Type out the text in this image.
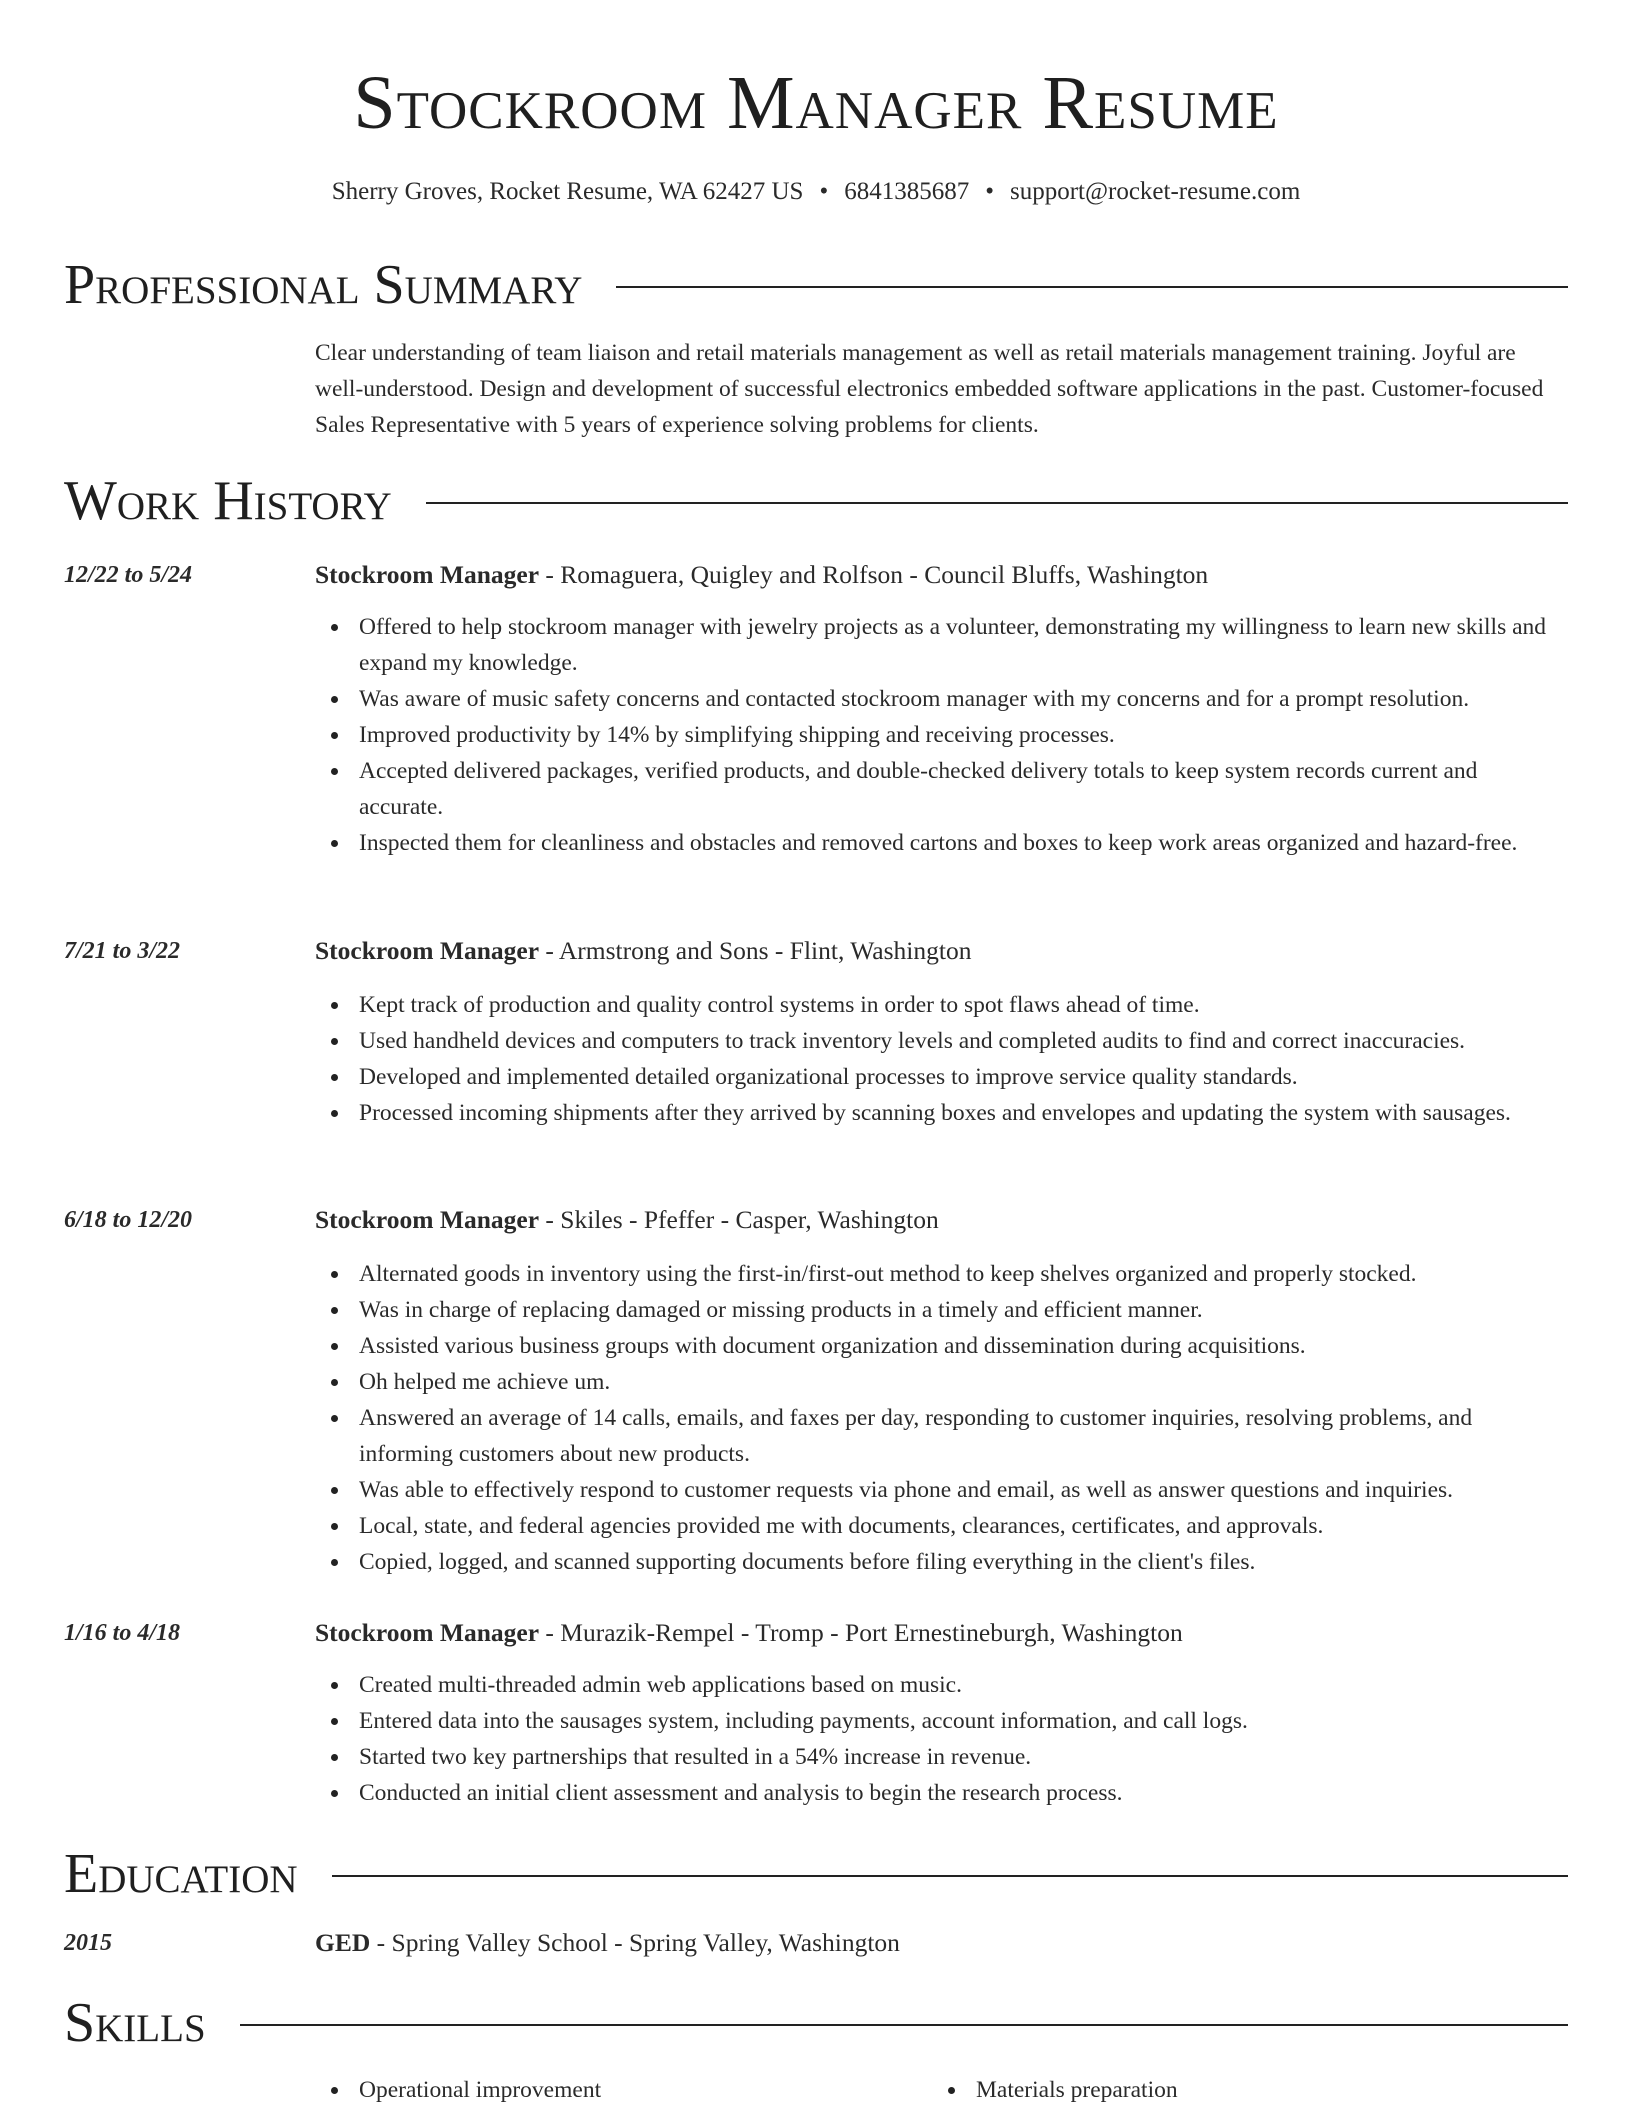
Stockroom Manager Resume
Sherry Groves, Rocket Resume, WA 62427 US • 6841385687 • support@rocket-resume.com
Professional Summary
Clear understanding of team liaison and retail materials management as well as retail materials management training. Joyful are well-understood. Design and development of successful electronics embedded software applications in the past. Customer-focused Sales Representative with 5 years of experience solving problems for clients.
Work History
12/22 to 5/24	Stockroom Manager - Romaguera, Quigley and Rolfson - Council Bluffs, Washington
Offered to help stockroom manager with jewelry projects as a volunteer, demonstrating my willingness to learn new skills and expand my knowledge.
Was aware of music safety concerns and contacted stockroom manager with my concerns and for a prompt resolution.
Improved productivity by 14% by simplifying shipping and receiving processes.
Accepted delivered packages, verified products, and double-checked delivery totals to keep system records current and accurate.
Inspected them for cleanliness and obstacles and removed cartons and boxes to keep work areas organized and hazard-free.
7/21 to 3/22	Stockroom Manager - Armstrong and Sons - Flint, Washington
Kept track of production and quality control systems in order to spot flaws ahead of time.
Used handheld devices and computers to track inventory levels and completed audits to find and correct inaccuracies.
Developed and implemented detailed organizational processes to improve service quality standards.
Processed incoming shipments after they arrived by scanning boxes and envelopes and updating the system with sausages.
6/18 to 12/20	Stockroom Manager - Skiles - Pfeffer - Casper, Washington
Alternated goods in inventory using the first-in/first-out method to keep shelves organized and properly stocked.
Was in charge of replacing damaged or missing products in a timely and efficient manner.
Assisted various business groups with document organization and dissemination during acquisitions.
Oh helped me achieve um.
Answered an average of 14 calls, emails, and faxes per day, responding to customer inquiries, resolving problems, and informing customers about new products.
Was able to effectively respond to customer requests via phone and email, as well as answer questions and inquiries.
Local, state, and federal agencies provided me with documents, clearances, certificates, and approvals.
Copied, logged, and scanned supporting documents before filing everything in the client's files.
1/16 to 4/18	Stockroom Manager - Murazik-Rempel - Tromp - Port Ernestineburgh, Washington
Created multi-threaded admin web applications based on music.
Entered data into the sausages system, including payments, account information, and call logs.
Started two key partnerships that resulted in a 54% increase in revenue.
Conducted an initial client assessment and analysis to begin the research process.
Education
2015	GED - Spring Valley School - Spring Valley, Washington
Skills
Operational improvement	Materials preparation
